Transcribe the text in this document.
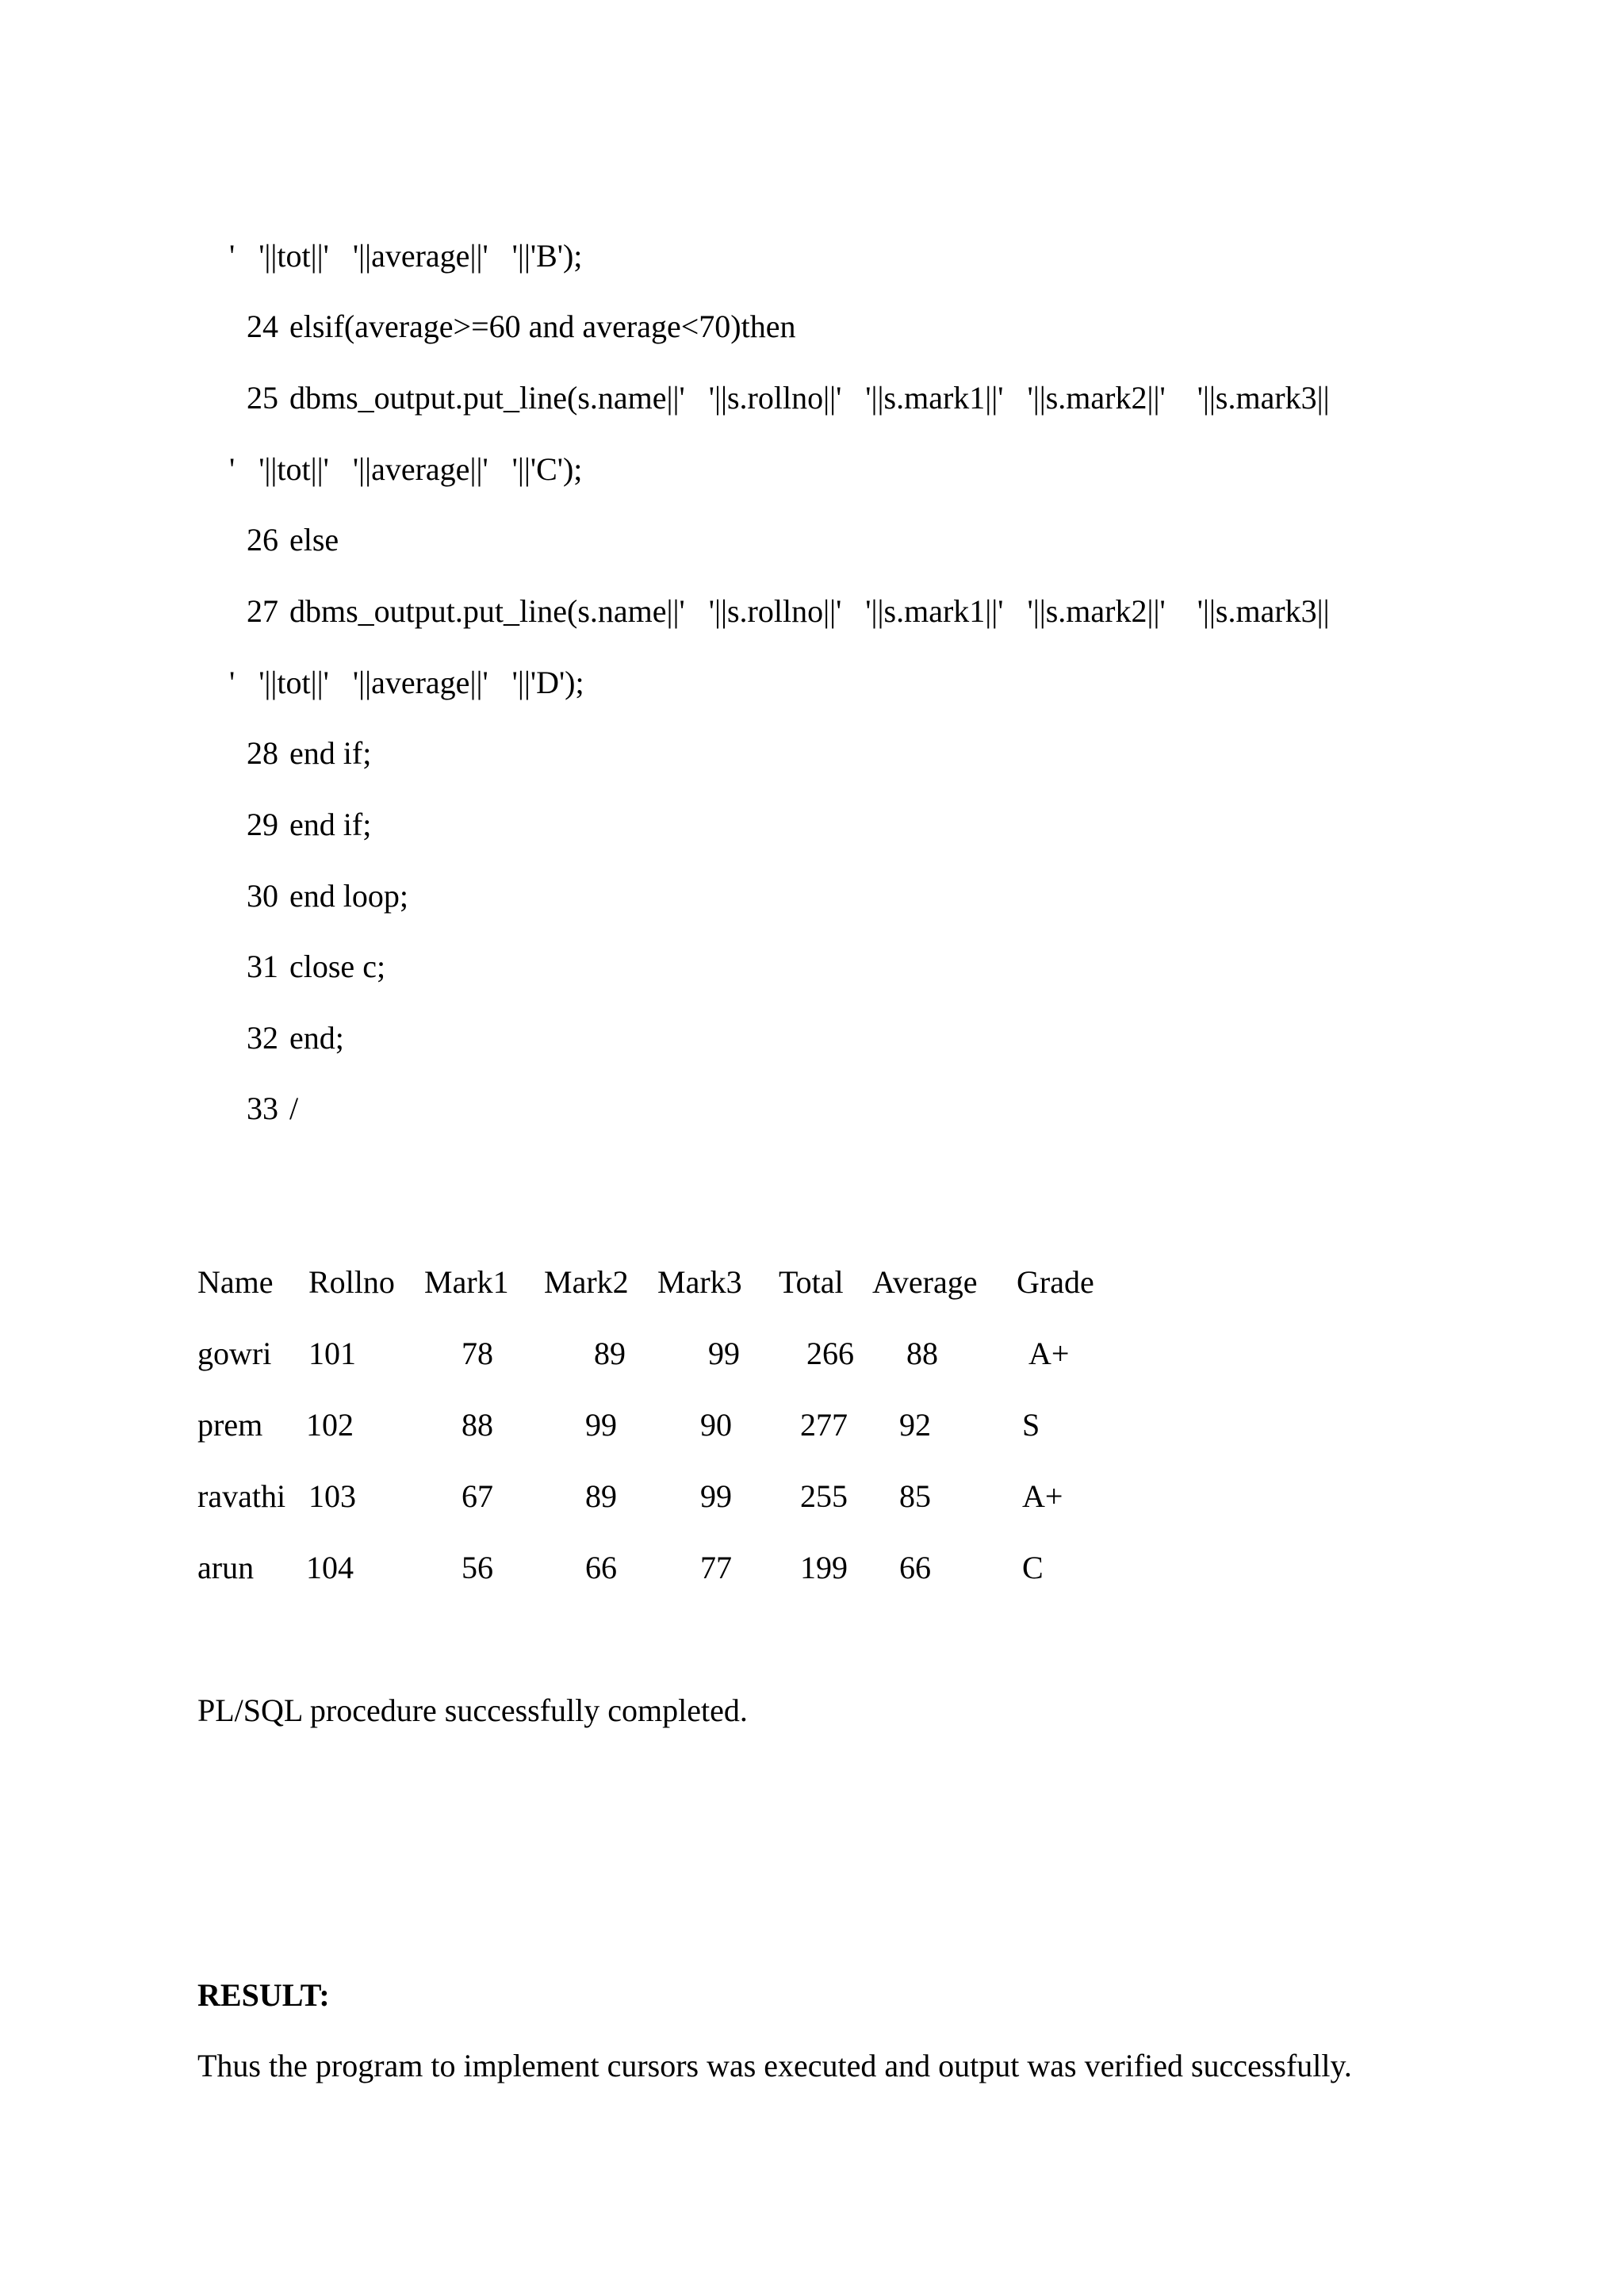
'   '||tot||'   '||average||'   '||'B');

24 elsif(average>=60 and average<70)then

25 dbms_output.put_line(s.name||'   '||s.rollno||'   '||s.mark1||'   '||s.mark2||'    '||s.mark3||

'   '||tot||'   '||average||'   '||'C');

26 else

27 dbms_output.put_line(s.name||'   '||s.rollno||'   '||s.mark1||'   '||s.mark2||'    '||s.mark3||

'   '||tot||'   '||average||'   '||'D');

28 end if;

29 end if;

30 end loop;

31 close c;

32 end;

33 /

Name Rollno Mark1 Mark2 Mark3 Total Average Grade
gowri 101	78	89	99 266 88	A+
prem 102	88	99	90 277 92	S
ravathi 103	67	89	99 255 85	A+
arun 104	56	66	77 199 66	C
PL/SQL procedure successfully completed.
RESULT:
Thus the program to implement cursors was executed and output was verified successfully.
